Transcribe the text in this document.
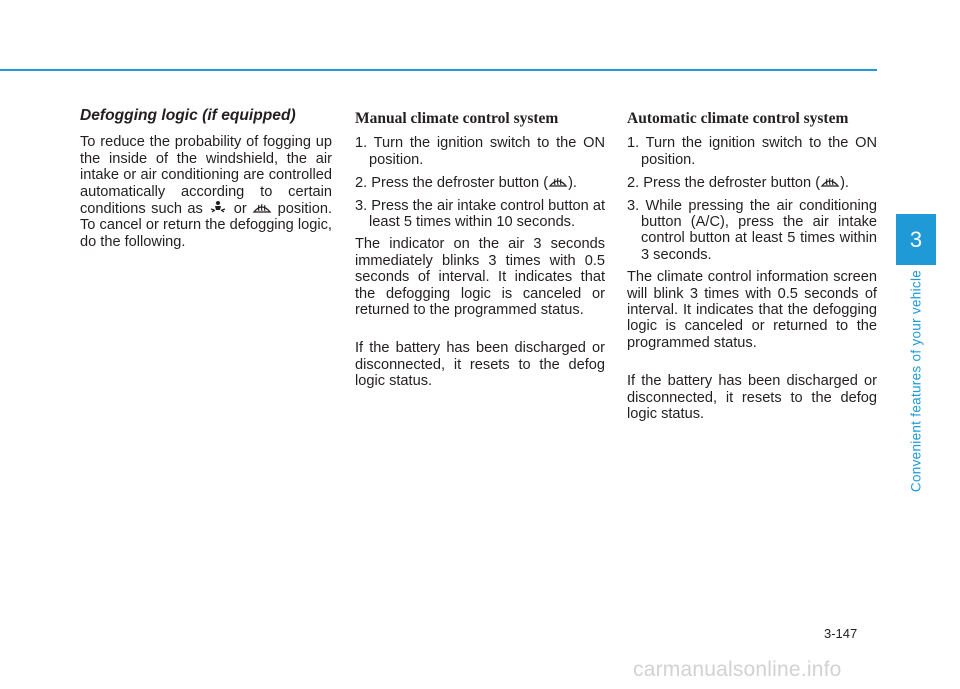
Defogging logic (if equipped)

To reduce the probability of fogging up the inside of the windshield, the air intake or air conditioning are controlled automatically according to certain conditions such as or position. To cancel or return the defogging logic, do the following.

Manual climate control system
1. Turn the ignition switch to the ON position.
2. Press the defroster button ( ).
3. Press the air intake control button at least 5 times within 10 seconds.

The indicator on the air 3 seconds immediately blinks 3 times with 0.5 seconds of interval. It indicates that the defogging logic is canceled or returned to the programmed status.

If the battery has been discharged or disconnected, it resets to the defog logic status.

Automatic climate control system
1. Turn the ignition switch to the ON position.
2. Press the defroster button ( ).
3. While pressing the air conditioning button (A/C), press the air intake control button at least 5 times within 3 seconds.

The climate control information screen will blink 3 times with 0.5 seconds of interval. It indicates that the defogging logic is canceled or returned to the programmed status.

If the battery has been discharged or disconnected, it resets to the defog logic status.

3
Convenient features of your vehicle
3-147
carmanualsonline.info
